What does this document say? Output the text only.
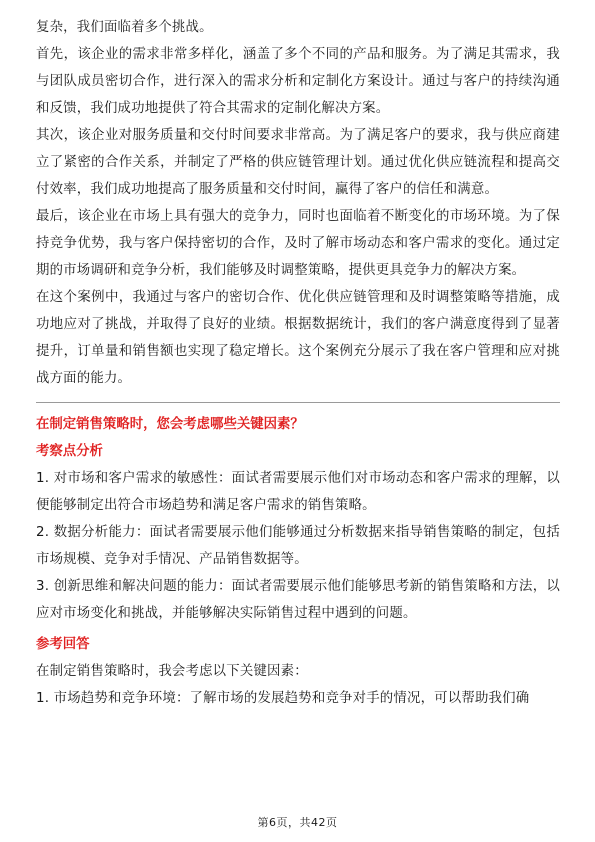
复杂，我们面临着多个挑战。

首先，该企业的需求非常多样化，涵盖了多个不同的产品和服务。为了满足其需求，我与团队成员密切合作，进行深入的需求分析和定制化方案设计。通过与客户的持续沟通和反馈，我们成功地提供了符合其需求的定制化解决方案。

其次，该企业对服务质量和交付时间要求非常高。为了满足客户的要求，我与供应商建立了紧密的合作关系，并制定了严格的供应链管理计划。通过优化供应链流程和提高交付效率，我们成功地提高了服务质量和交付时间，赢得了客户的信任和满意。

最后，该企业在市场上具有强大的竞争力，同时也面临着不断变化的市场环境。为了保持竞争优势，我与客户保持密切的合作，及时了解市场动态和客户需求的变化。通过定期的市场调研和竞争分析，我们能够及时调整策略，提供更具竞争力的解决方案。

在这个案例中，我通过与客户的密切合作、优化供应链管理和及时调整策略等措施，成功地应对了挑战，并取得了良好的业绩。根据数据统计，我们的客户满意度得到了显著提升，订单量和销售额也实现了稳定增长。这个案例充分展示了我在客户管理和应对挑战方面的能力。

在制定销售策略时，您会考虑哪些关键因素？

考察点分析

1. 对市场和客户需求的敏感性：面试者需要展示他们对市场动态和客户需求的理解，以便能够制定出符合市场趋势和满足客户需求的销售策略。

2. 数据分析能力：面试者需要展示他们能够通过分析数据来指导销售策略的制定，包括市场规模、竞争对手情况、产品销售数据等。

3. 创新思维和解决问题的能力：面试者需要展示他们能够思考新的销售策略和方法，以应对市场变化和挑战，并能够解决实际销售过程中遇到的问题。

参考回答

在制定销售策略时，我会考虑以下关键因素：

1. 市场趋势和竞争环境：了解市场的发展趋势和竞争对手的情况，可以帮助我们确

第6页，共42页
